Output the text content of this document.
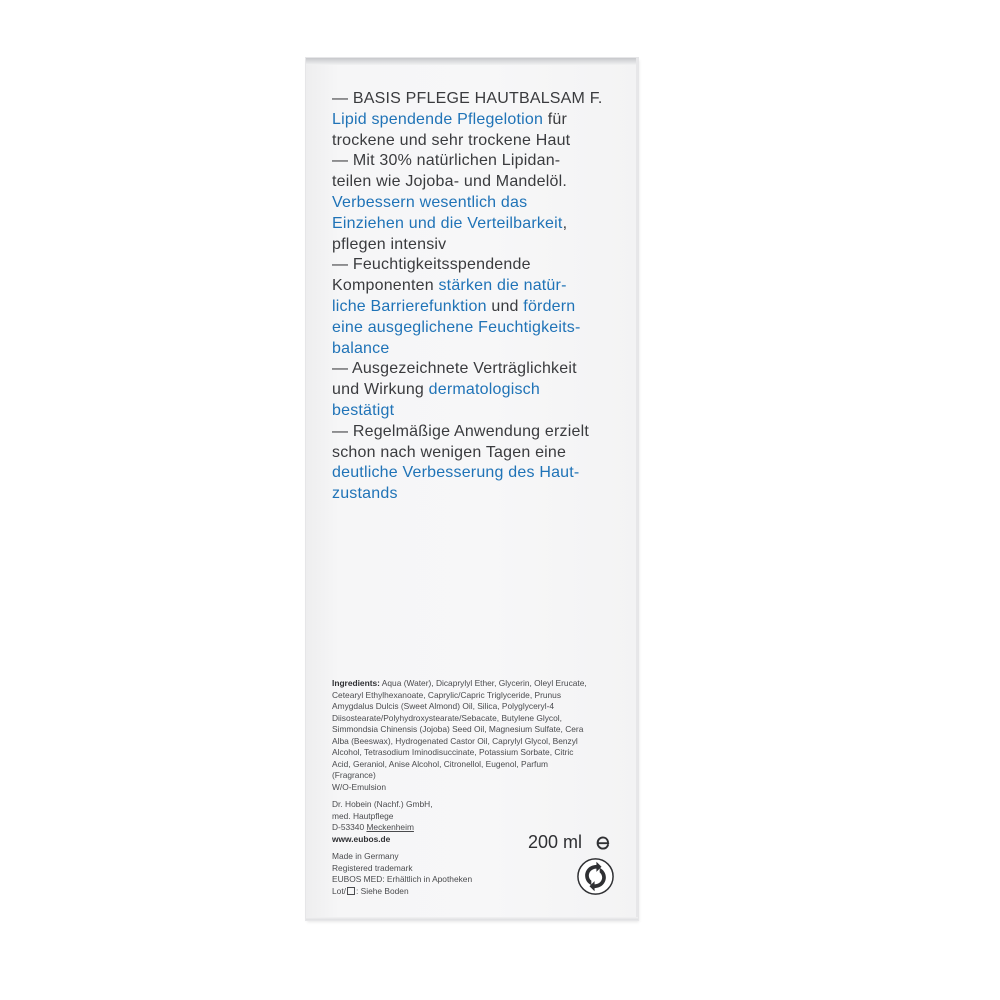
— BASIS PFLEGE HAUTBALSAM F.
Lipid spendende Pflegelotion für
trockene und sehr trockene Haut
— Mit 30% natürlichen Lipidan-
teilen wie Jojoba- und Mandelöl.
Verbessern wesentlich das
Einziehen und die Verteilbarkeit,
pflegen intensiv
— Feuchtigkeitsspendende
Komponenten stärken die natür-
liche Barrierefunktion und fördern
eine ausgeglichene Feuchtigkeits-
balance
— Ausgezeichnete Verträglichkeit
und Wirkung dermatologisch
bestätigt
— Regelmäßige Anwendung erzielt
schon nach wenigen Tagen eine
deutliche Verbesserung des Haut-
zustands
Ingredients: Aqua (Water), Dicaprylyl Ether, Glycerin, Oleyl Erucate,
Cetearyl Ethylhexanoate, Caprylic/Capric Triglyceride, Prunus
Amygdalus Dulcis (Sweet Almond) Oil, Silica, Polyglyceryl-4
Diisostearate/Polyhydroxystearate/Sebacate, Butylene Glycol,
Simmondsia Chinensis (Jojoba) Seed Oil, Magnesium Sulfate, Cera
Alba (Beeswax), Hydrogenated Castor Oil, Caprylyl Glycol, Benzyl
Alcohol, Tetrasodium Iminodisuccinate, Potassium Sorbate, Citric
Acid, Geraniol, Anise Alcohol, Citronellol, Eugenol, Parfum
(Fragrance)
W/O-Emulsion
Dr. Hobein (Nachf.) GmbH,
med. Hautpflege
D-53340 Meckenheim
www.eubos.de
Made in Germany
Registered trademark
EUBOS MED: Erhältlich in Apotheken
Lot/ : Siehe Boden
200 ml
